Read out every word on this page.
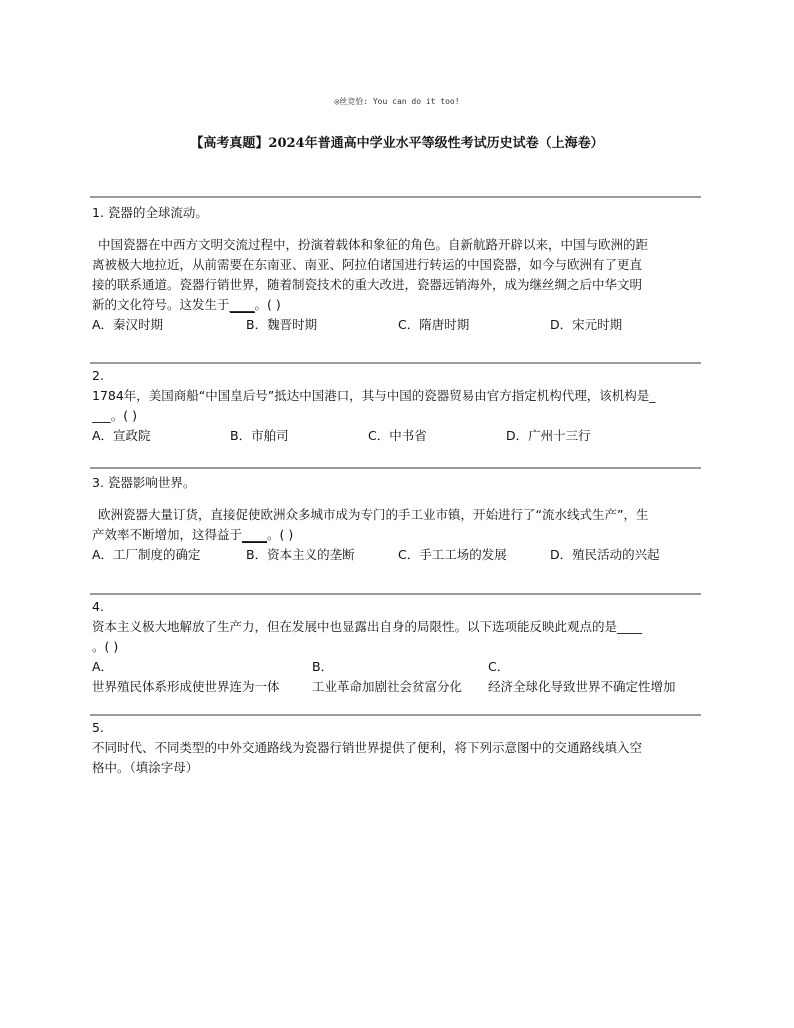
◎丝竞恰: You can do it too!
【高考真题】2024年普通高中学业水平等级性考试历史试卷（上海卷）

1. 瓷器的全球流动。

中国瓷器在中西方文明交流过程中，扮演着载体和象征的角色。自新航路开辟以来，中国与欧洲的距

离被极大地拉近，从前需要在东南亚、南亚、阿拉伯诸国进行转运的中国瓷器，如今与欧洲有了更直

接的联系通道。瓷器行销世界，随着制瓷技术的重大改进，瓷器远销海外，成为继丝绸之后中华文明

新的文化符号。这发生于____。( )

A．秦汉时期	B．魏晋时期	C．隋唐时期	D．宋元时期

2.

1784年，美国商船“中国皇后号”抵达中国港口，其与中国的瓷器贸易由官方指定机构代理，该机构是_

___。( )

A．宣政院	B．市舶司	C．中书省	D．广州十三行

3. 瓷器影响世界。

欧洲瓷器大量订货，直接促使欧洲众多城市成为专门的手工业市镇，开始进行了“流水线式生产”，生

产效率不断增加，这得益于____。( )

A．工厂制度的确定	B．资本主义的垄断	C．手工工场的发展	D．殖民活动的兴起

4.

资本主义极大地解放了生产力，但在发展中也显露出自身的局限性。以下选项能反映此观点的是____

。( )

A．	B．	C．
世界殖民体系形成使世界连为一体	工业革命加剧社会贫富分化 经济全球化导致世界不确定性增加

5.

不同时代、不同类型的中外交通路线为瓷器行销世界提供了便利，将下列示意图中的交通路线填入空

格中。（填涂字母）
